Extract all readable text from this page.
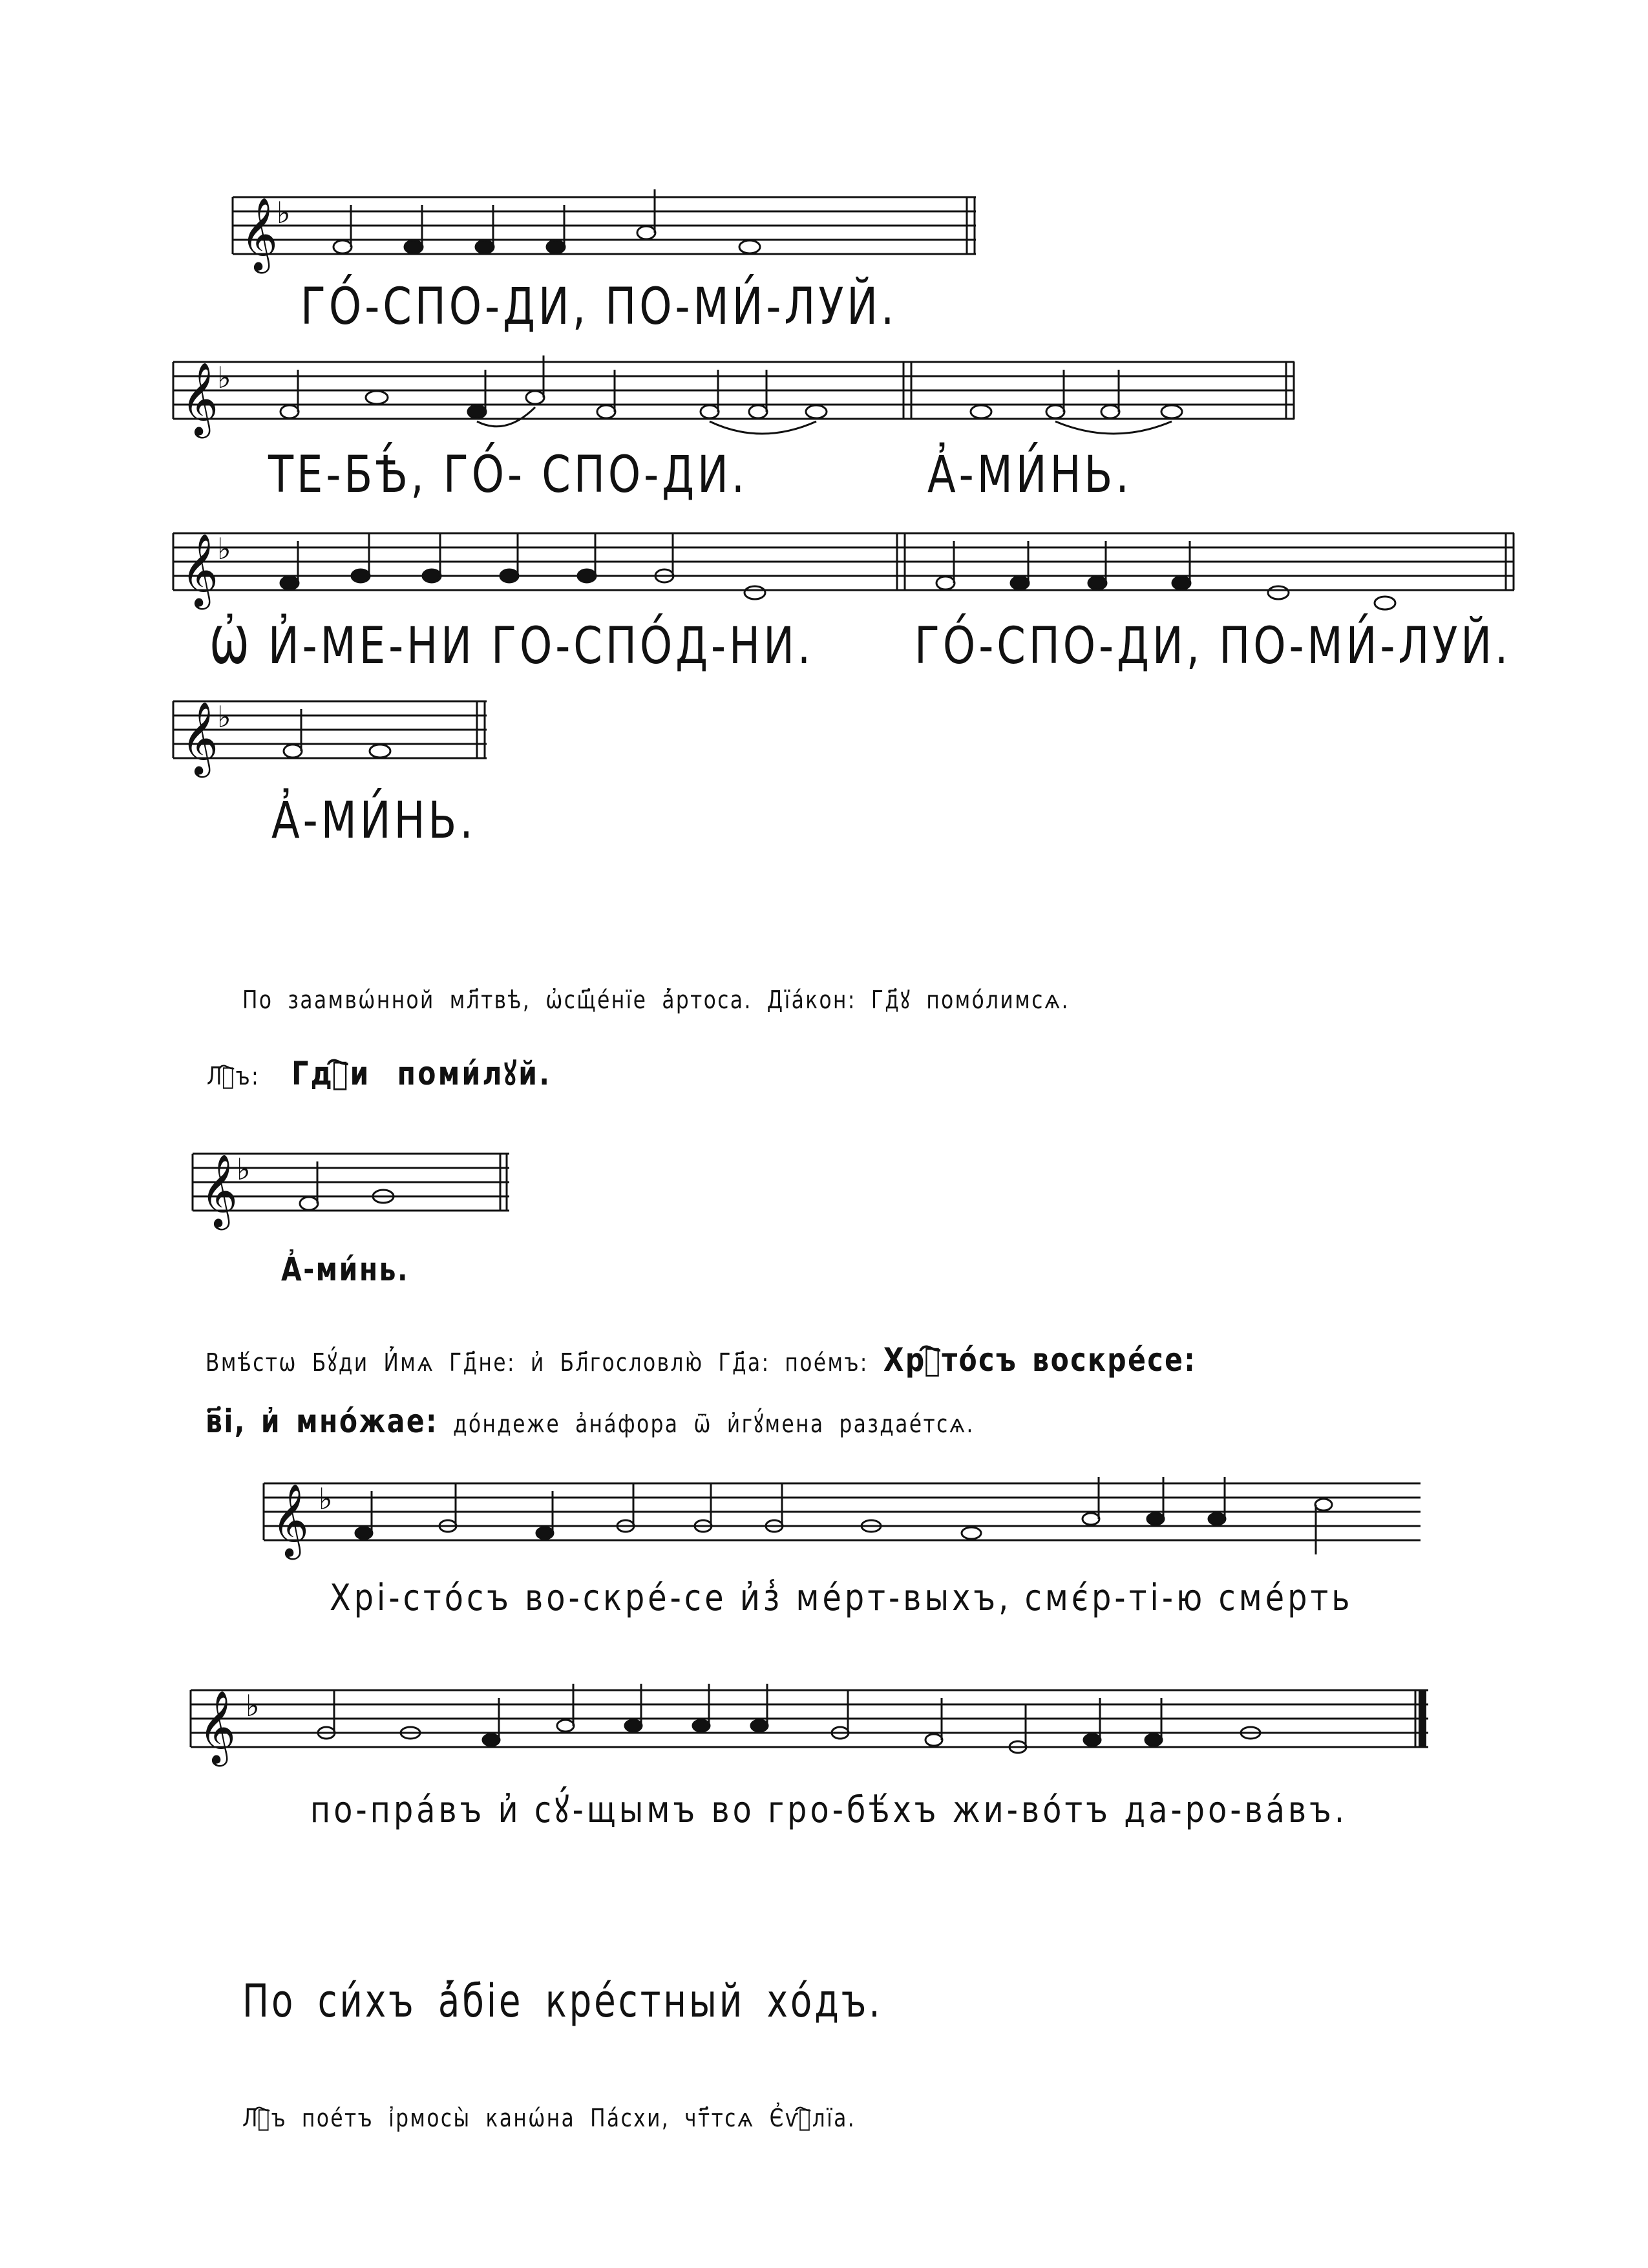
𝄞
♭
ГО́-СПО-ДИ, ПО-МИ́-ЛУЙ.
𝄞
♭
ТЕ-БѢ́, ГО́- СПО-ДИ.	А҆-МИ́НЬ.
𝄞
♭
Ѡ҆ И҆-МЕ-НИ ГО-СПО́Д-НИ. ГО́-СПО-ДИ, ПО-МИ́-ЛУЙ.
𝄞
♭
А҆-МИ́НЬ.
По заамвѡ́нной мл҃твѣ, ѡ҆сщ҃е́нїе а҆́ртоса. Дїа́кон: Гд҃ꙋ помо́лимсѧ.
Лⷱ҇ъ: Гдⷭ҇и поми́лꙋй.
𝄞
♭
А҆-ми́нь.
Вмѣ́стѡ Бꙋ́ди И҆́мѧ Гд҃не: и҆ Бл҃гословлю̀ Гд҃а: пое́мъ: Хрⷭ҇то́съ воскре́се:
в҃і, и҆ мно́жае: до́ндеже а҆на́фора ѿ и҆гꙋ́мена раздае́тсѧ.
𝄞 ♭
Хрі-сто́съ во-скре́-се и҆з̾ ме́рт-выхъ, смє́р-ті-ю сме́рть
𝄞 ♭
по-пра́въ и҆ сꙋ́-щымъ во гро-бѣ́хъ жи-во́тъ да-ро-ва́въ.
По си́хъ а҆́біе кре́стный хо́дъ.
Лⷭ҇ъ пое́тъ і҆рмосы̀ канѡ́на Па́схи, чт҃тсѧ Є҆ѵⷢ҇лїа.
